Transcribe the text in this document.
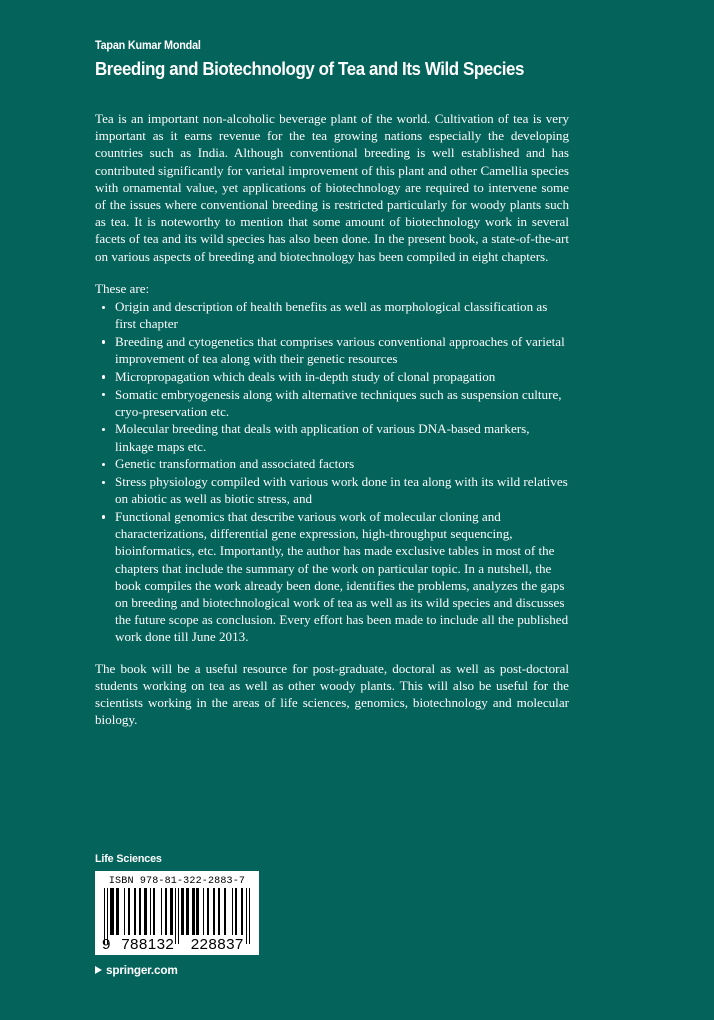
Tapan Kumar Mondal
Breeding and Biotechnology of Tea and Its Wild Species

Tea is an important non-alcoholic beverage plant of the world. Cultivation of tea is very important as it earns revenue for the tea growing nations especially the developing countries such as India. Although conventional breeding is well established and has contributed significantly for varietal improvement of this plant and other Camellia species with ornamental value, yet applications of biotechnology are required to intervene some of the issues where conventional breeding is restricted particularly for woody plants such as tea. It is noteworthy to mention that some amount of biotechnology work in several facets of tea and its wild species has also been done. In the present book, a state-of-the-art on various aspects of breeding and biotechnology has been compiled in eight chapters.

These are:

Origin and description of health benefits as well as morphological classification as first chapter
Breeding and cytogenetics that comprises various conventional approaches of varietal improvement of tea along with their genetic resources
Micropropagation which deals with in-depth study of clonal propagation
Somatic embryogenesis along with alternative techniques such as suspension culture, cryo-preservation etc.
Molecular breeding that deals with application of various DNA-based markers, linkage maps etc.
Genetic transformation and associated factors
Stress physiology compiled with various work done in tea along with its wild relatives on abiotic as well as biotic stress, and
Functional genomics that describe various work of molecular cloning and characterizations, differential gene expression, high-throughput sequencing, bioinformatics, etc. Importantly, the author has made exclusive tables in most of the chapters that include the summary of the work on particular topic. In a nutshell, the book compiles the work already been done, identifies the problems, analyzes the gaps on breeding and biotechnological work of tea as well as its wild species and discusses the future scope as conclusion. Every effort has been made to include all the published work done till June 2013.

The book will be a useful resource for post-graduate, doctoral as well as post-doctoral students working on tea as well as other woody plants. This will also be useful for the scientists working in the areas of life sciences, genomics, biotechnology and molecular biology.

Life Sciences
ISBN 978-81-322-2883-7
9 788132	228837
springer.com
